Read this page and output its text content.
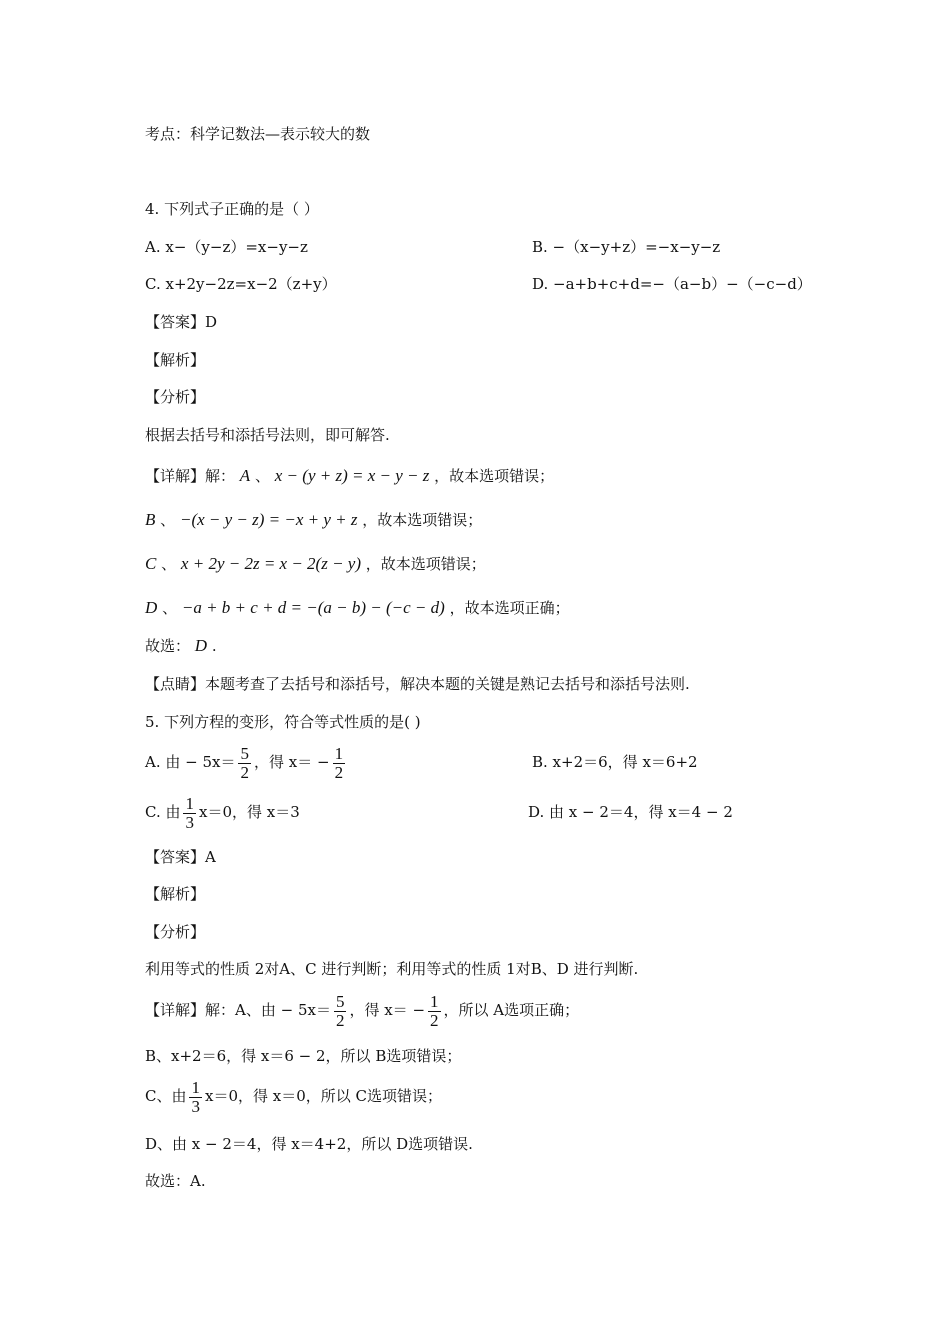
考点：科学记数法—表示较大的数
4. 下列式子正确的是（ ）
A. x−（y−z）=x−y−z	B. −（x−y+z）=−x−y−z
C. x+2y−2z=x−2（z+y）	D. −a+b+c+d=−（a−b）−（−c−d）
【答案】D
【解析】
【分析】
根据去括号和添括号法则，即可解答.
【详解】解： A 、 x − (y + z) = x − y − z ，故本选项错误；
B 、 −(x − y − z) = −x + y + z ，故本选项错误；
C 、 x + 2y − 2z = x − 2(z − y) ，故本选项错误；
D 、 −a + b + c + d = −(a − b) − (−c − d) ，故本选项正确；
故选： D .
【点睛】本题考查了去括号和添括号，解决本题的关键是熟记去括号和添括号法则.
5. 下列方程的变形，符合等式性质的是( )
A. 由 − $5x= \frac{5}{2}$ ，得 $x= - \frac{1}{2}$	B. x+2＝6，得 x＝6+2
C. 由 $\frac{1}{3} x=0$，得 x＝3	D. 由 x − 2＝4，得 x＝4 − 2
【答案】A
【解析】
【分析】
利用等式的性质 2对A、C 进行判断；利用等式的性质 1对B、D 进行判断.
【详解】解：A、由 − $5x= \frac{5}{2}$ ，得 $x= - \frac{1}{2}$ ，所以 A选项正确；
B、x+2＝6，得 x＝6 − 2，所以 B选项错误；
C、由 $\frac{1}{3} x=0$，得 x＝0，所以 C选项错误；
D、由 x − 2＝4，得 x＝4+2，所以 D选项错误.
故选：A.
